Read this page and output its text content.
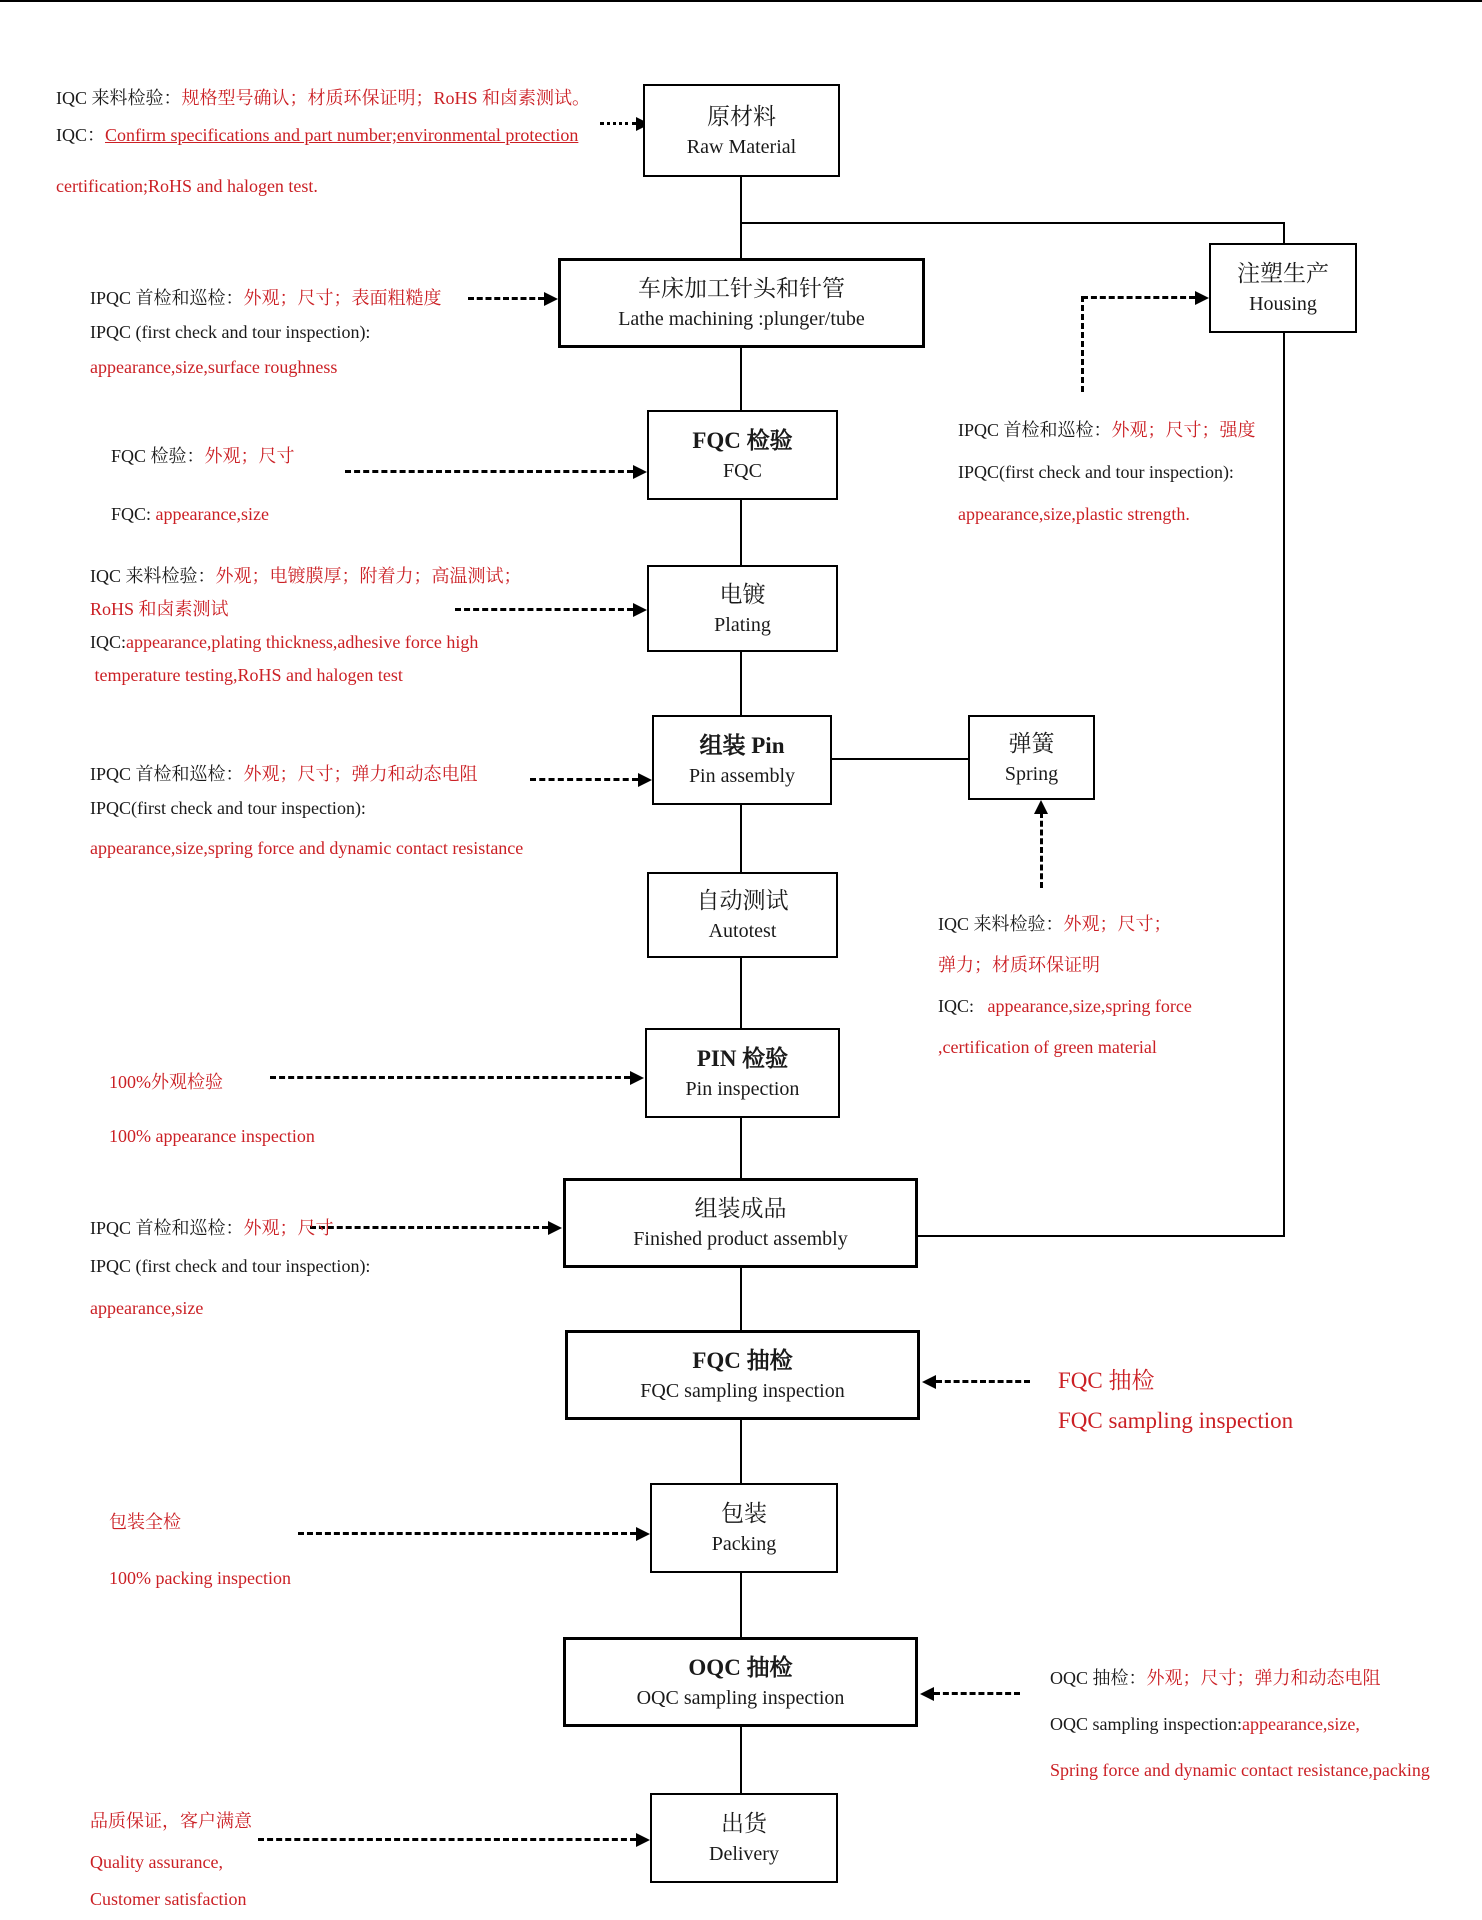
原材料
Raw Material
车床加工针头和针管
Lathe machining :plunger/tube
FQC 检验
FQC
电镀
Plating
组装 Pin
Pin assembly
弹簧
Spring
注塑生产
Housing
自动测试
Autotest
PIN 检验
Pin inspection
组装成品
Finished product assembly
FQC 抽检
FQC sampling inspection
包装
Packing
OQC 抽检
OQC sampling inspection
出货
Delivery

IQC 来料检验：规格型号确认；材质环保证明；RoHS 和卤素测试。

IQC：Confirm specifications and part number;environmental protection

certification;RoHS and halogen test.

IPQC 首检和巡检：外观；尺寸；表面粗糙度

IPQC (first check and tour inspection):

appearance,size,surface roughness

FQC 检验：外观；尺寸

FQC: appearance,size

IQC 来料检验：外观；电镀膜厚；附着力；高温测试；

RoHS 和卤素测试

IQC:appearance,plating thickness,adhesive force high

temperature testing,RoHS and halogen test

IPQC 首检和巡检：外观；尺寸；弹力和动态电阻

IPQC(first check and tour inspection):

appearance,size,spring force and dynamic contact resistance

100%外观检验

100% appearance inspection

IPQC 首检和巡检：外观；尺寸

IPQC (first check and tour inspection):

appearance,size

包装全检

100% packing inspection

品质保证，客户满意

Quality assurance,

Customer satisfaction

IPQC 首检和巡检：外观；尺寸；强度

IPQC(first check and tour inspection):

appearance,size,plastic strength.

IQC 来料检验：外观；尺寸；

弹力；材质环保证明

IQC:   appearance,size,spring force

,certification of green material

FQC 抽检

FQC sampling inspection

OQC 抽检：外观；尺寸；弹力和动态电阻

OQC sampling inspection:appearance,size,

Spring force and dynamic contact resistance,packing
